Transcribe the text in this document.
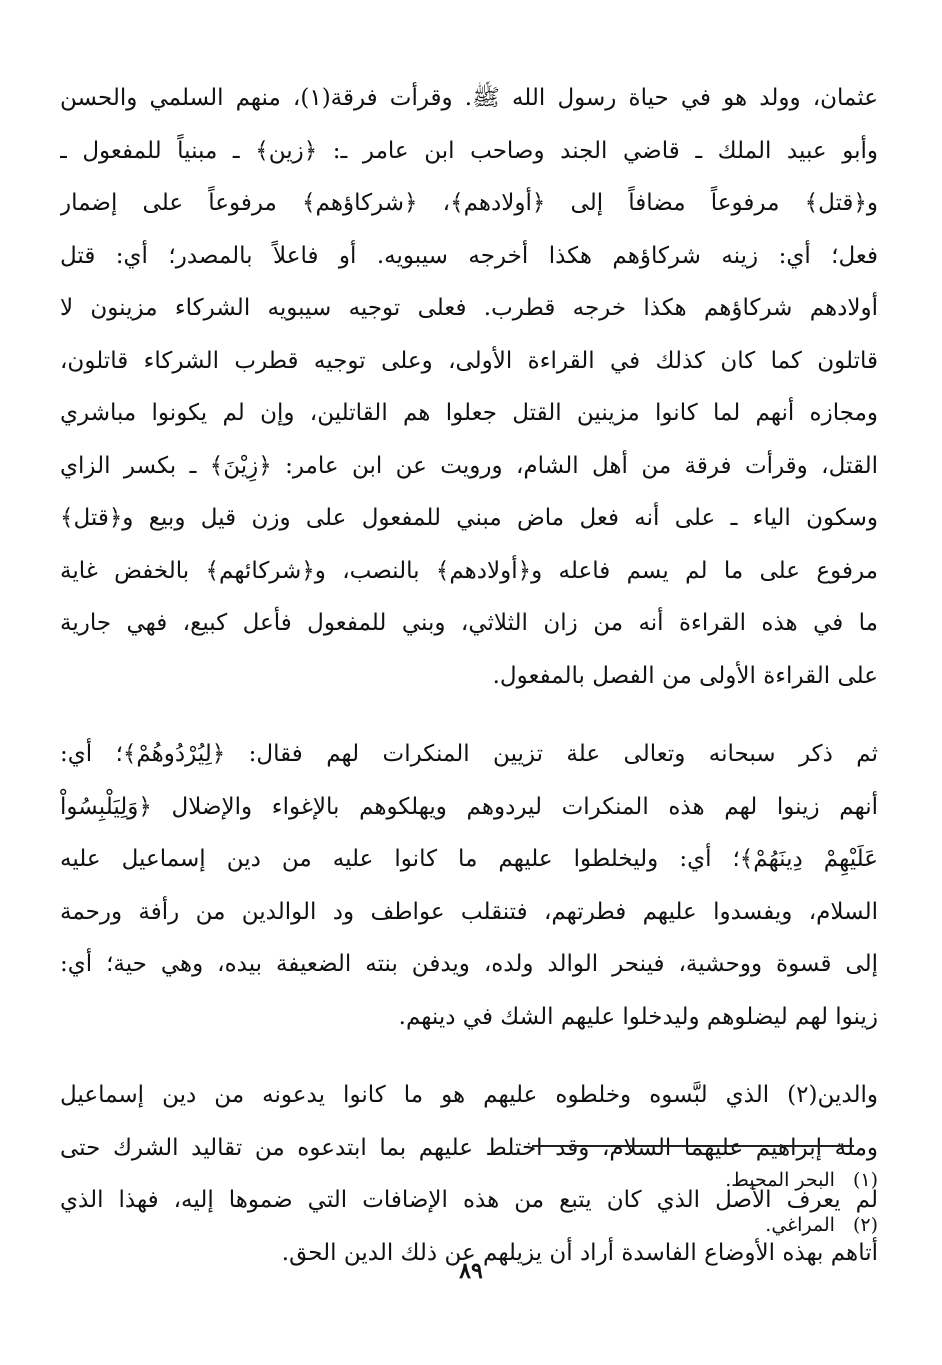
عثمان، وولد هو في حياة رسول الله ﷺ. وقرأت فرقة(١)، منهم السلمي والحسن
وأبو عبيد الملك ـ قاضي الجند وصاحب ابن عامر ـ: ﴿زين﴾ ـ مبنياً للمفعول ـ
و﴿قتل﴾ مرفوعاً مضافاً إلى ﴿أولادهم﴾، ﴿شركاؤهم﴾ مرفوعاً على إضمار
فعل؛ أي: زينه شركاؤهم هكذا أخرجه سيبويه. أو فاعلاً بالمصدر؛ أي: قتل
أولادهم شركاؤهم هكذا خرجه قطرب. فعلى توجيه سيبويه الشركاء مزينون لا
قاتلون كما كان كذلك في القراءة الأولى، وعلى توجيه قطرب الشركاء قاتلون،
ومجازه أنهم لما كانوا مزينين القتل جعلوا هم القاتلين، وإن لم يكونوا مباشري
القتل، وقرأت فرقة من أهل الشام، ورويت عن ابن عامر: ﴿زِيْنَ﴾ ـ بكسر الزاي
وسكون الياء ـ على أنه فعل ماض مبني للمفعول على وزن قيل وبيع و﴿قتل﴾
مرفوع على ما لم يسم فاعله و﴿أولادهم﴾ بالنصب، و﴿شركائهم﴾ بالخفض غاية
ما في هذه القراءة أنه من زان الثلاثي، وبني للمفعول فأعل كبيع، فهي جارية
على القراءة الأولى من الفصل بالمفعول.
ثم ذكر سبحانه وتعالى علة تزيين المنكرات لهم فقال: ﴿لِيُرْدُوهُمْ﴾؛ أي:
أنهم زينوا لهم هذه المنكرات ليردوهم ويهلكوهم بالإغواء والإضلال ﴿وَلِيَلْبِسُواْ
عَلَيْهِمْ دِينَهُمْ﴾؛ أي: وليخلطوا عليهم ما كانوا عليه من دين إسماعيل عليه
السلام، ويفسدوا عليهم فطرتهم، فتنقلب عواطف ود الوالدين من رأفة ورحمة
إلى قسوة ووحشية، فينحر الوالد ولده، ويدفن بنته الضعيفة بيده، وهي حية؛ أي:
زينوا لهم ليضلوهم وليدخلوا عليهم الشك في دينهم.
والدين(٢) الذي لبَّسوه وخلطوه عليهم هو ما كانوا يدعونه من دين إسماعيل
وملة إبراهيم عليهما السلام، وقد اختلط عليهم بما ابتدعوه من تقاليد الشرك حتى
لم يعرف الأصل الذي كان يتبع من هذه الإضافات التي ضموها إليه، فهذا الذي
أتاهم بهذه الأوضاع الفاسدة أراد أن يزيلهم عن ذلك الدين الحق.
(١)البحر المحيط.
(٢)المراغي.
٨٩
